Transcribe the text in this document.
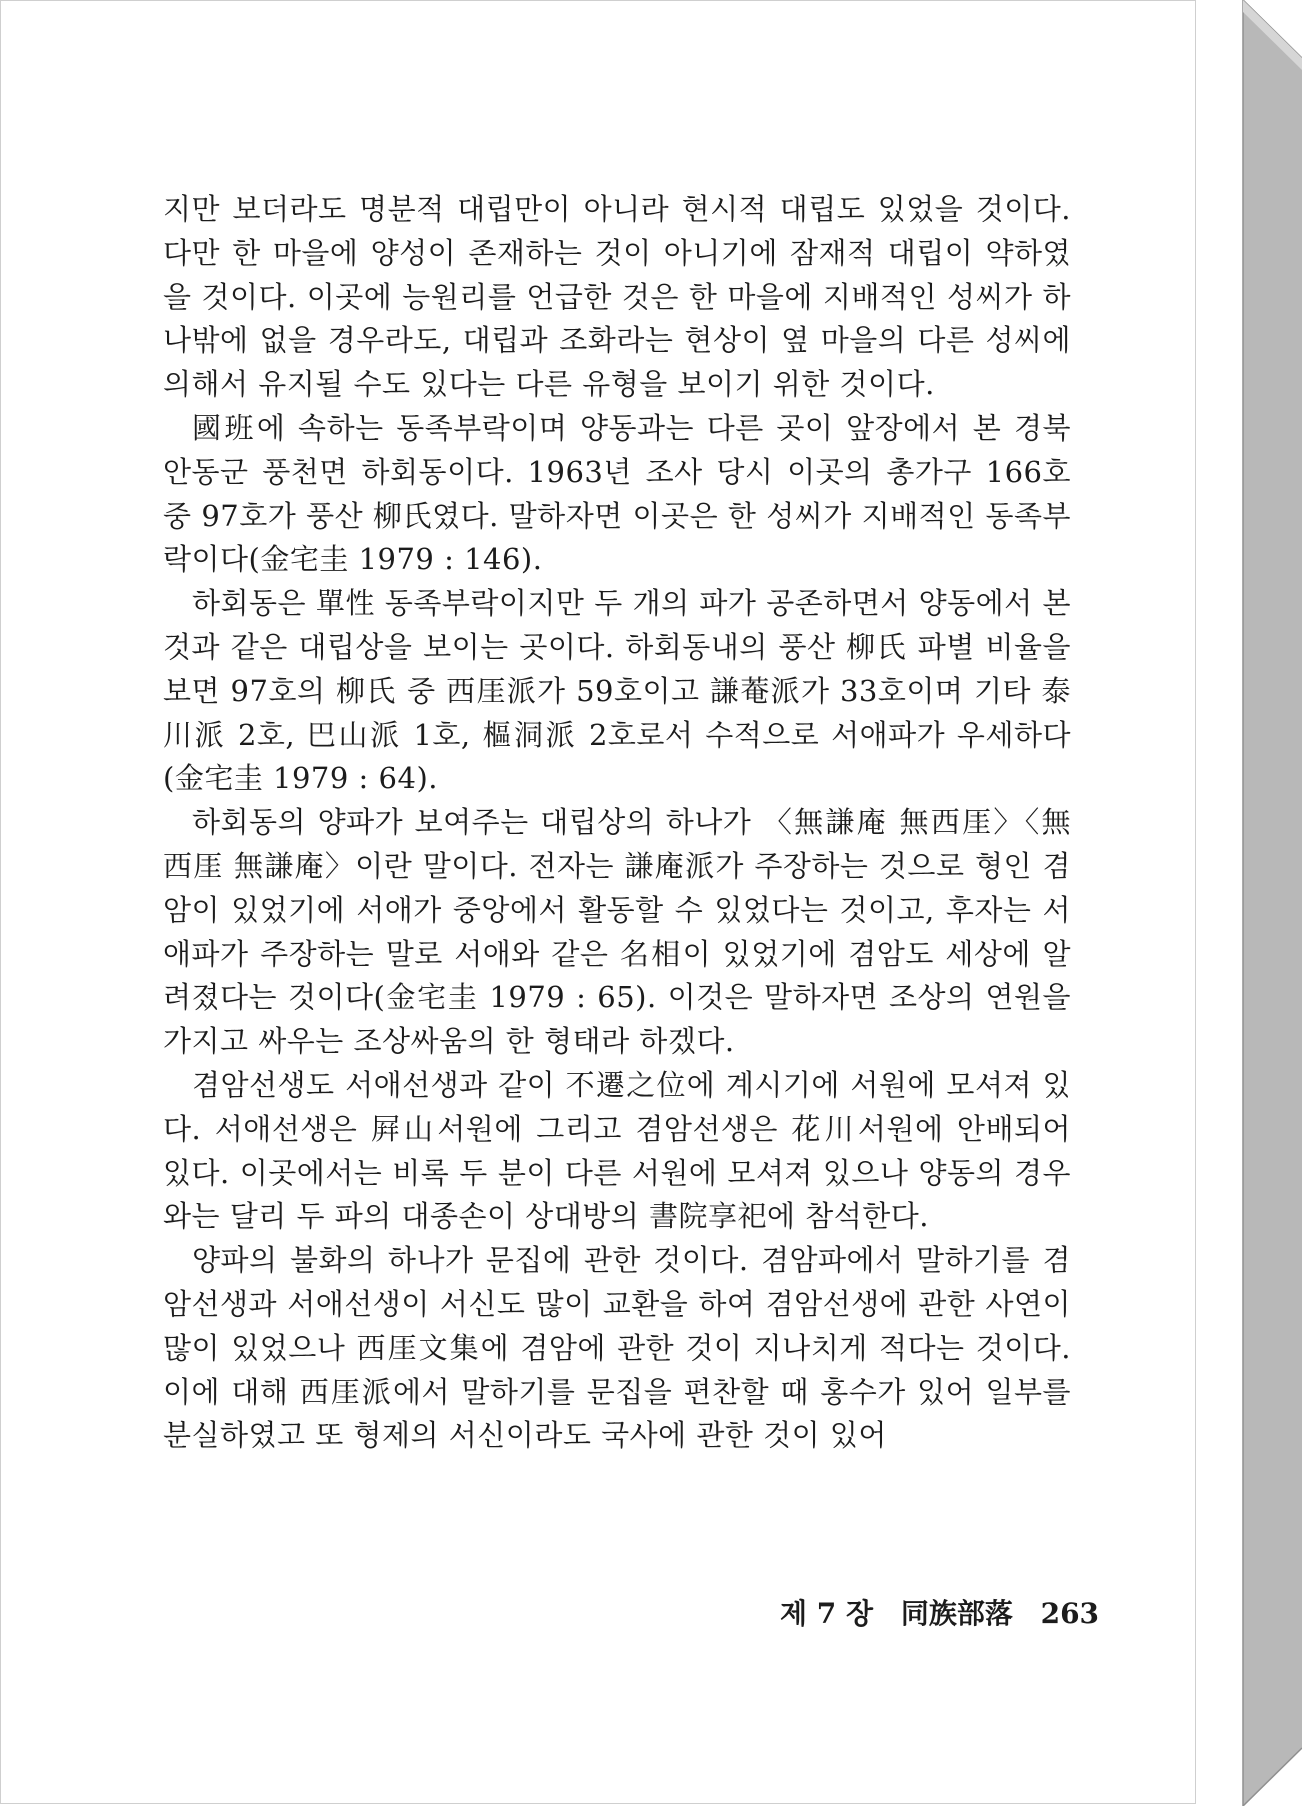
지만 보더라도 명분적 대립만이 아니라 현시적 대립도 있었을 것이다. 다만 한 마을에 양성이 존재하는 것이 아니기에 잠재적 대립이 약하였을 것이다. 이곳에 능원리를 언급한 것은 한 마을에 지배적인 성씨가 하나밖에 없을 경우라도, 대립과 조화라는 현상이 옆 마을의 다른 성씨에 의해서 유지될 수도 있다는 다른 유형을 보이기 위한 것이다.

國班에 속하는 동족부락이며 양동과는 다른 곳이 앞장에서 본 경북 안동군 풍천면 하회동이다. 1963년 조사 당시 이곳의 총가구 166호 중 97호가 풍산 柳氏였다. 말하자면 이곳은 한 성씨가 지배적인 동족부락이다(金宅圭 1979 : 146).

하회동은 單性 동족부락이지만 두 개의 파가 공존하면서 양동에서 본 것과 같은 대립상을 보이는 곳이다. 하회동내의 풍산 柳氏 파별 비율을 보면 97호의 柳氏 중 西厓派가 59호이고 謙菴派가 33호이며 기타 泰川派 2호, 巴山派 1호, 樞洞派 2호로서 수적으로 서애파가 우세하다(金宅圭 1979 : 64).

하회동의 양파가 보여주는 대립상의 하나가 〈無謙庵 無西厓〉〈無西厓 無謙庵〉이란 말이다. 전자는 謙庵派가 주장하는 것으로 형인 겸암이 있었기에 서애가 중앙에서 활동할 수 있었다는 것이고, 후자는 서애파가 주장하는 말로 서애와 같은 名相이 있었기에 겸암도 세상에 알려졌다는 것이다(金宅圭 1979 : 65). 이것은 말하자면 조상의 연원을 가지고 싸우는 조상싸움의 한 형태라 하겠다.

겸암선생도 서애선생과 같이 不遷之位에 계시기에 서원에 모셔져 있다. 서애선생은 屛山서원에 그리고 겸암선생은 花川서원에 안배되어 있다. 이곳에서는 비록 두 분이 다른 서원에 모셔져 있으나 양동의 경우와는 달리 두 파의 대종손이 상대방의 書院享祀에 참석한다.

양파의 불화의 하나가 문집에 관한 것이다. 겸암파에서 말하기를 겸암선생과 서애선생이 서신도 많이 교환을 하여 겸암선생에 관한 사연이 많이 있었으나 西厓文集에 겸암에 관한 것이 지나치게 적다는 것이다. 이에 대해 西厓派에서 말하기를 문집을 편찬할 때 홍수가 있어 일부를 분실하였고 또 형제의 서신이라도 국사에 관한 것이 있어

제 7 장 同族部落 263
